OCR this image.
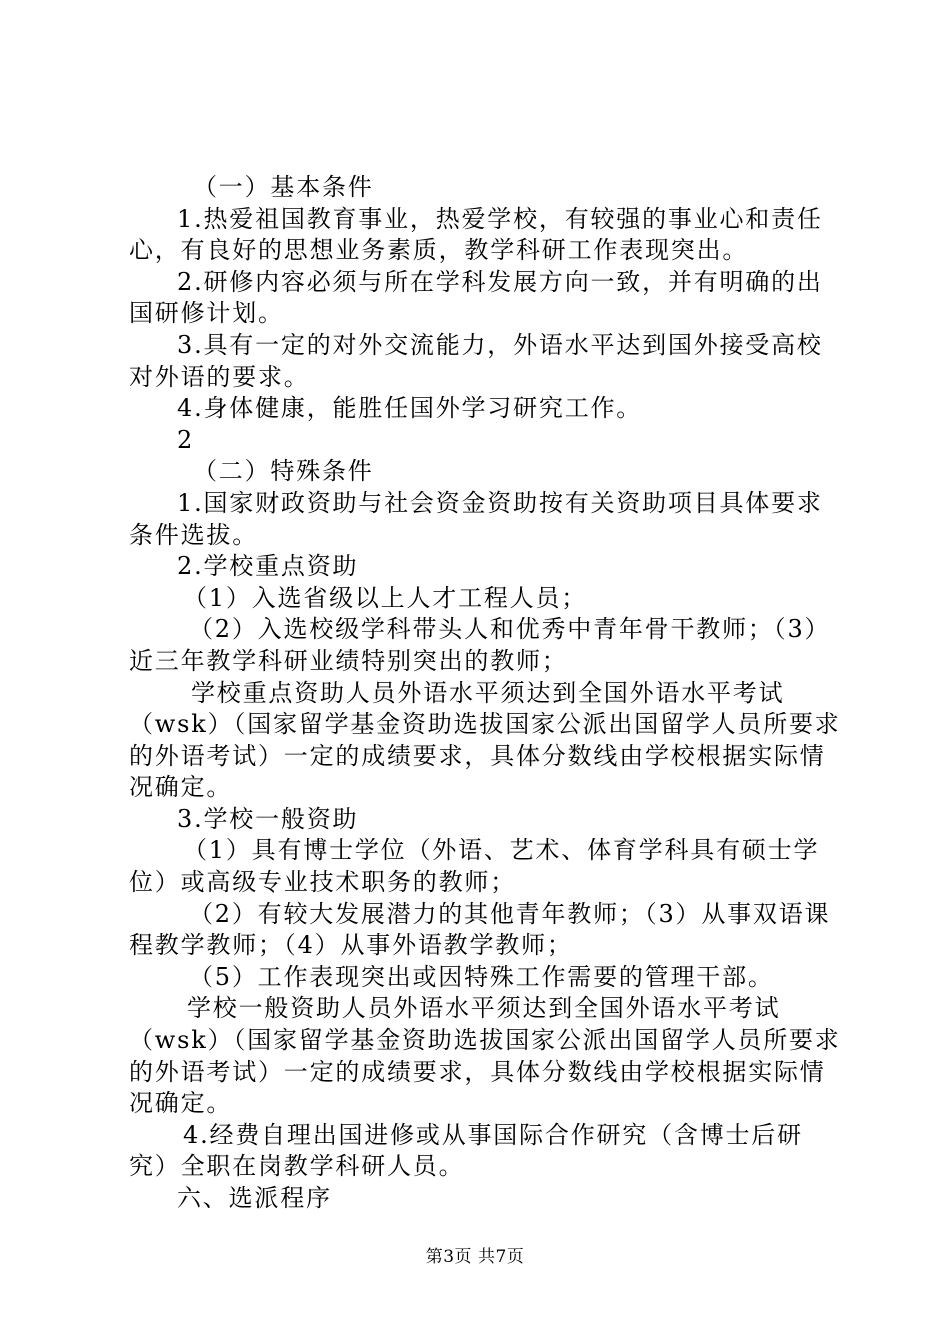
（一）基本条件
1.热爱祖国教育事业，热爱学校，有较强的事业心和责任
心，有良好的思想业务素质，教学科研工作表现突出。
2.研修内容必须与所在学科发展方向一致，并有明确的出
国研修计划。
3.具有一定的对外交流能力，外语水平达到国外接受高校
对外语的要求。
4.身体健康，能胜任国外学习研究工作。
2
（二）特殊条件
1.国家财政资助与社会资金资助按有关资助项目具体要求
条件选拔。
2.学校重点资助
（1）入选省级以上人才工程人员；
（2）入选校级学科带头人和优秀中青年骨干教师；（3）
近三年教学科研业绩特别突出的教师；
学校重点资助人员外语水平须达到全国外语水平考试
（wsk）（国家留学基金资助选拔国家公派出国留学人员所要求
的外语考试）一定的成绩要求，具体分数线由学校根据实际情
况确定。
3.学校一般资助
（1）具有博士学位（外语、艺术、体育学科具有硕士学
位）或高级专业技术职务的教师；
（2）有较大发展潜力的其他青年教师；（3）从事双语课
程教学教师；（4）从事外语教学教师；
（5）工作表现突出或因特殊工作需要的管理干部。
学校一般资助人员外语水平须达到全国外语水平考试
（wsk）（国家留学基金资助选拔国家公派出国留学人员所要求
的外语考试）一定的成绩要求，具体分数线由学校根据实际情
况确定。
4.经费自理出国进修或从事国际合作研究（含博士后研
究）全职在岗教学科研人员。
六、选派程序
第3页 共7页
